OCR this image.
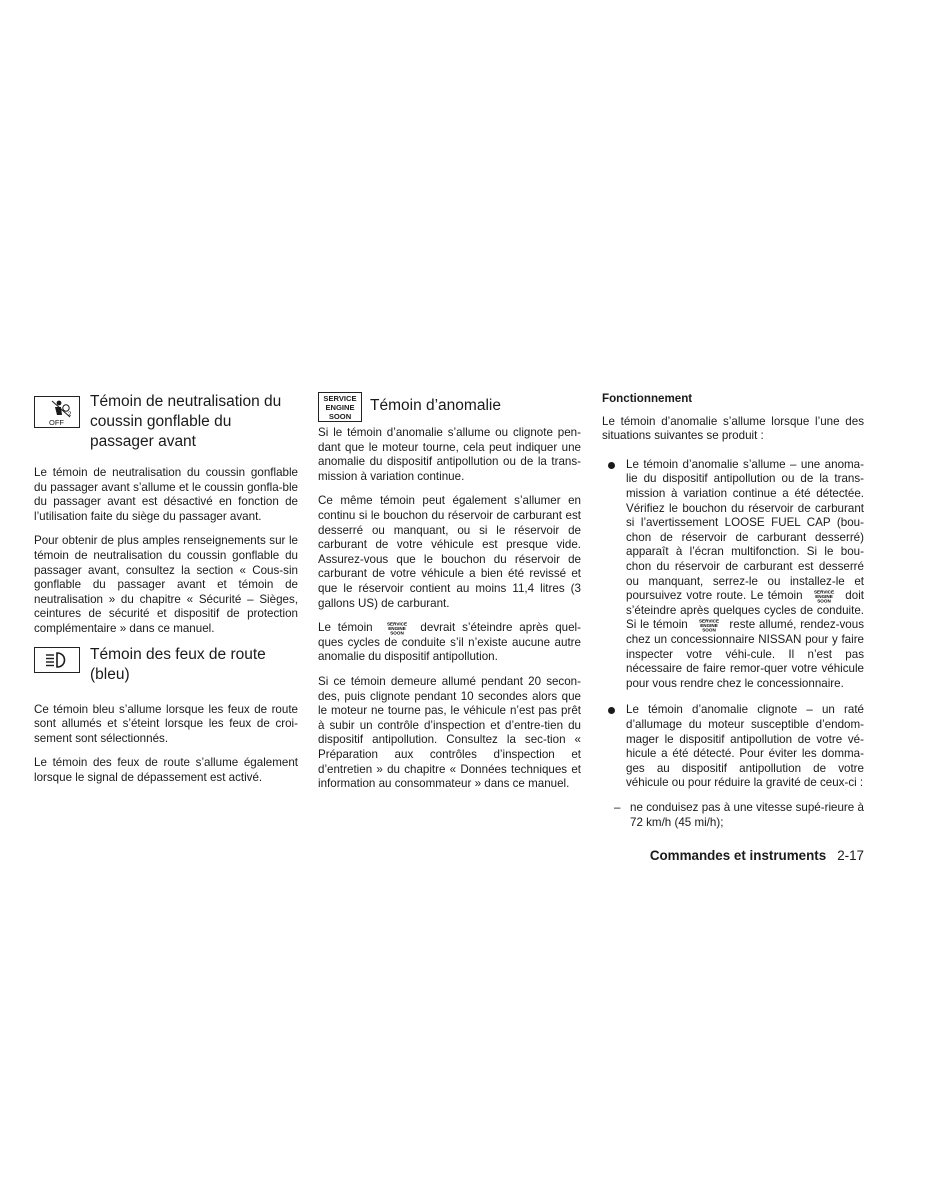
2
OFF
Témoin de neutralisation du coussin gonflable du passager avant

Le témoin de neutralisation du coussin gonflable du passager avant s’allume et le coussin gonfla-ble du passager avant est désactivé en fonction de l’utilisation faite du siège du passager avant.

Pour obtenir de plus amples renseignements sur le témoin de neutralisation du coussin gonflable du passager avant, consultez la section « Cous-sin gonflable du passager avant et témoin de neutralisation » du chapitre « Sécurité – Sièges, ceintures de sécurité et dispositif de protection complémentaire » dans ce manuel.

Témoin des feux de route (bleu)

Ce témoin bleu s’allume lorsque les feux de route sont allumés et s’éteint lorsque les feux de croi-sement sont sélectionnés.

Le témoin des feux de route s’allume également lorsque le signal de dépassement est activé.

SERVICE
ENGINE
SOON
Témoin d’anomalie

Si le témoin d’anomalie s’allume ou clignote pen-dant que le moteur tourne, cela peut indiquer une anomalie du dispositif antipollution ou de la trans-mission à variation continue.

Ce même témoin peut également s’allumer en continu si le bouchon du réservoir de carburant est desserré ou manquant, ou si le réservoir de carburant de votre véhicule est presque vide. Assurez-vous que le bouchon du réservoir de carburant de votre véhicule a bien été revissé et que le réservoir contient au moins 11,4 litres (3 gallons US) de carburant.

Le témoin	SERVICE
ENGINE
SOON devrait s’éteindre après quel-ques cycles de conduite s’il n’existe aucune autre anomalie du dispositif antipollution.

Si ce témoin demeure allumé pendant 20 secon-des, puis clignote pendant 10 secondes alors que le moteur ne tourne pas, le véhicule n’est pas prêt à subir un contrôle d’inspection et d’entre-tien du dispositif antipollution. Consultez la sec-tion « Préparation aux contrôles d’inspection et d’entretien » du chapitre « Données techniques et information au consommateur » dans ce manuel.

Fonctionnement

Le témoin d’anomalie s’allume lorsque l’une des situations suivantes se produit :

Le témoin d’anomalie s’allume – une anoma-lie du dispositif antipollution ou de la trans-mission à variation continue a été détectée. Vérifiez le bouchon du réservoir de carburant si l’avertissement LOOSE FUEL CAP (bou-chon de réservoir de carburant desserré) apparaît à l’écran multifonction. Si le bou-chon du réservoir de carburant est desserré ou manquant, serrez-le ou installez-le et poursuivez votre route. Le témoin SERVICE
ENGINE
SOON doit s’éteindre après quelques cycles de conduite. Si le témoin SERVICE
ENGINE
SOON reste allumé, rendez-vous chez un concessionnaire NISSAN pour y faire inspecter votre véhi-cule. Il n’est pas nécessaire de faire remor-quer votre véhicule pour vous rendre chez le concessionnaire.
Le témoin d’anomalie clignote – un raté d’allumage du moteur susceptible d’endom-mager le dispositif antipollution de votre vé-hicule a été détecté. Pour éviter les domma-ges au dispositif antipollution de votre véhicule ou pour réduire la gravité de ceux-ci :
– ne conduisez pas à une vitesse supé-rieure à 72 km/h (45 mi/h);
Commandes et instruments 2-17
